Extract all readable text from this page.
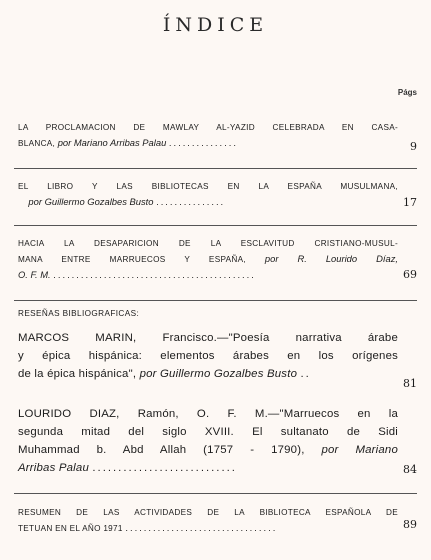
ÍNDICE
Págs
LA PROCLAMACION DE MAWLAY AL-YAZID CELEBRADA EN CASA-
BLANCA, por Mariano Arribas Palau ...............	9
EL LIBRO Y LAS BIBLIOTECAS EN LA ESPAÑA MUSULMANA,
por Guillermo Gozalbes Busto ...............	17
HACIA LA DESAPARICION DE LA ESCLAVITUD CRISTIANO-MUSUL-
MANA ENTRE MARRUECOS Y ESPAÑA, por R. Lourido Díaz,
O. F. M. ............................................	69
RESEÑAS BIBLIOGRAFICAS:
MARCOS MARIN, Francisco.—"Poesía narrativa árabe
y épica hispánica: elementos árabes en los orígenes
de la épica hispánica", por Guillermo Gozalbes Busto ..
81
LOURIDO DIAZ, Ramón, O. F. M.—"Marruecos en la
segunda mitad del siglo XVIII. El sultanato de Sidi
Muhammad b. Abd Allah (1757 - 1790), por Mariano
Arribas Palau ............................	84
RESUMEN DE LAS ACTIVIDADES DE LA BIBLIOTECA ESPAÑOLA DE
TETUAN EN EL AÑO 1971 .................................	89
